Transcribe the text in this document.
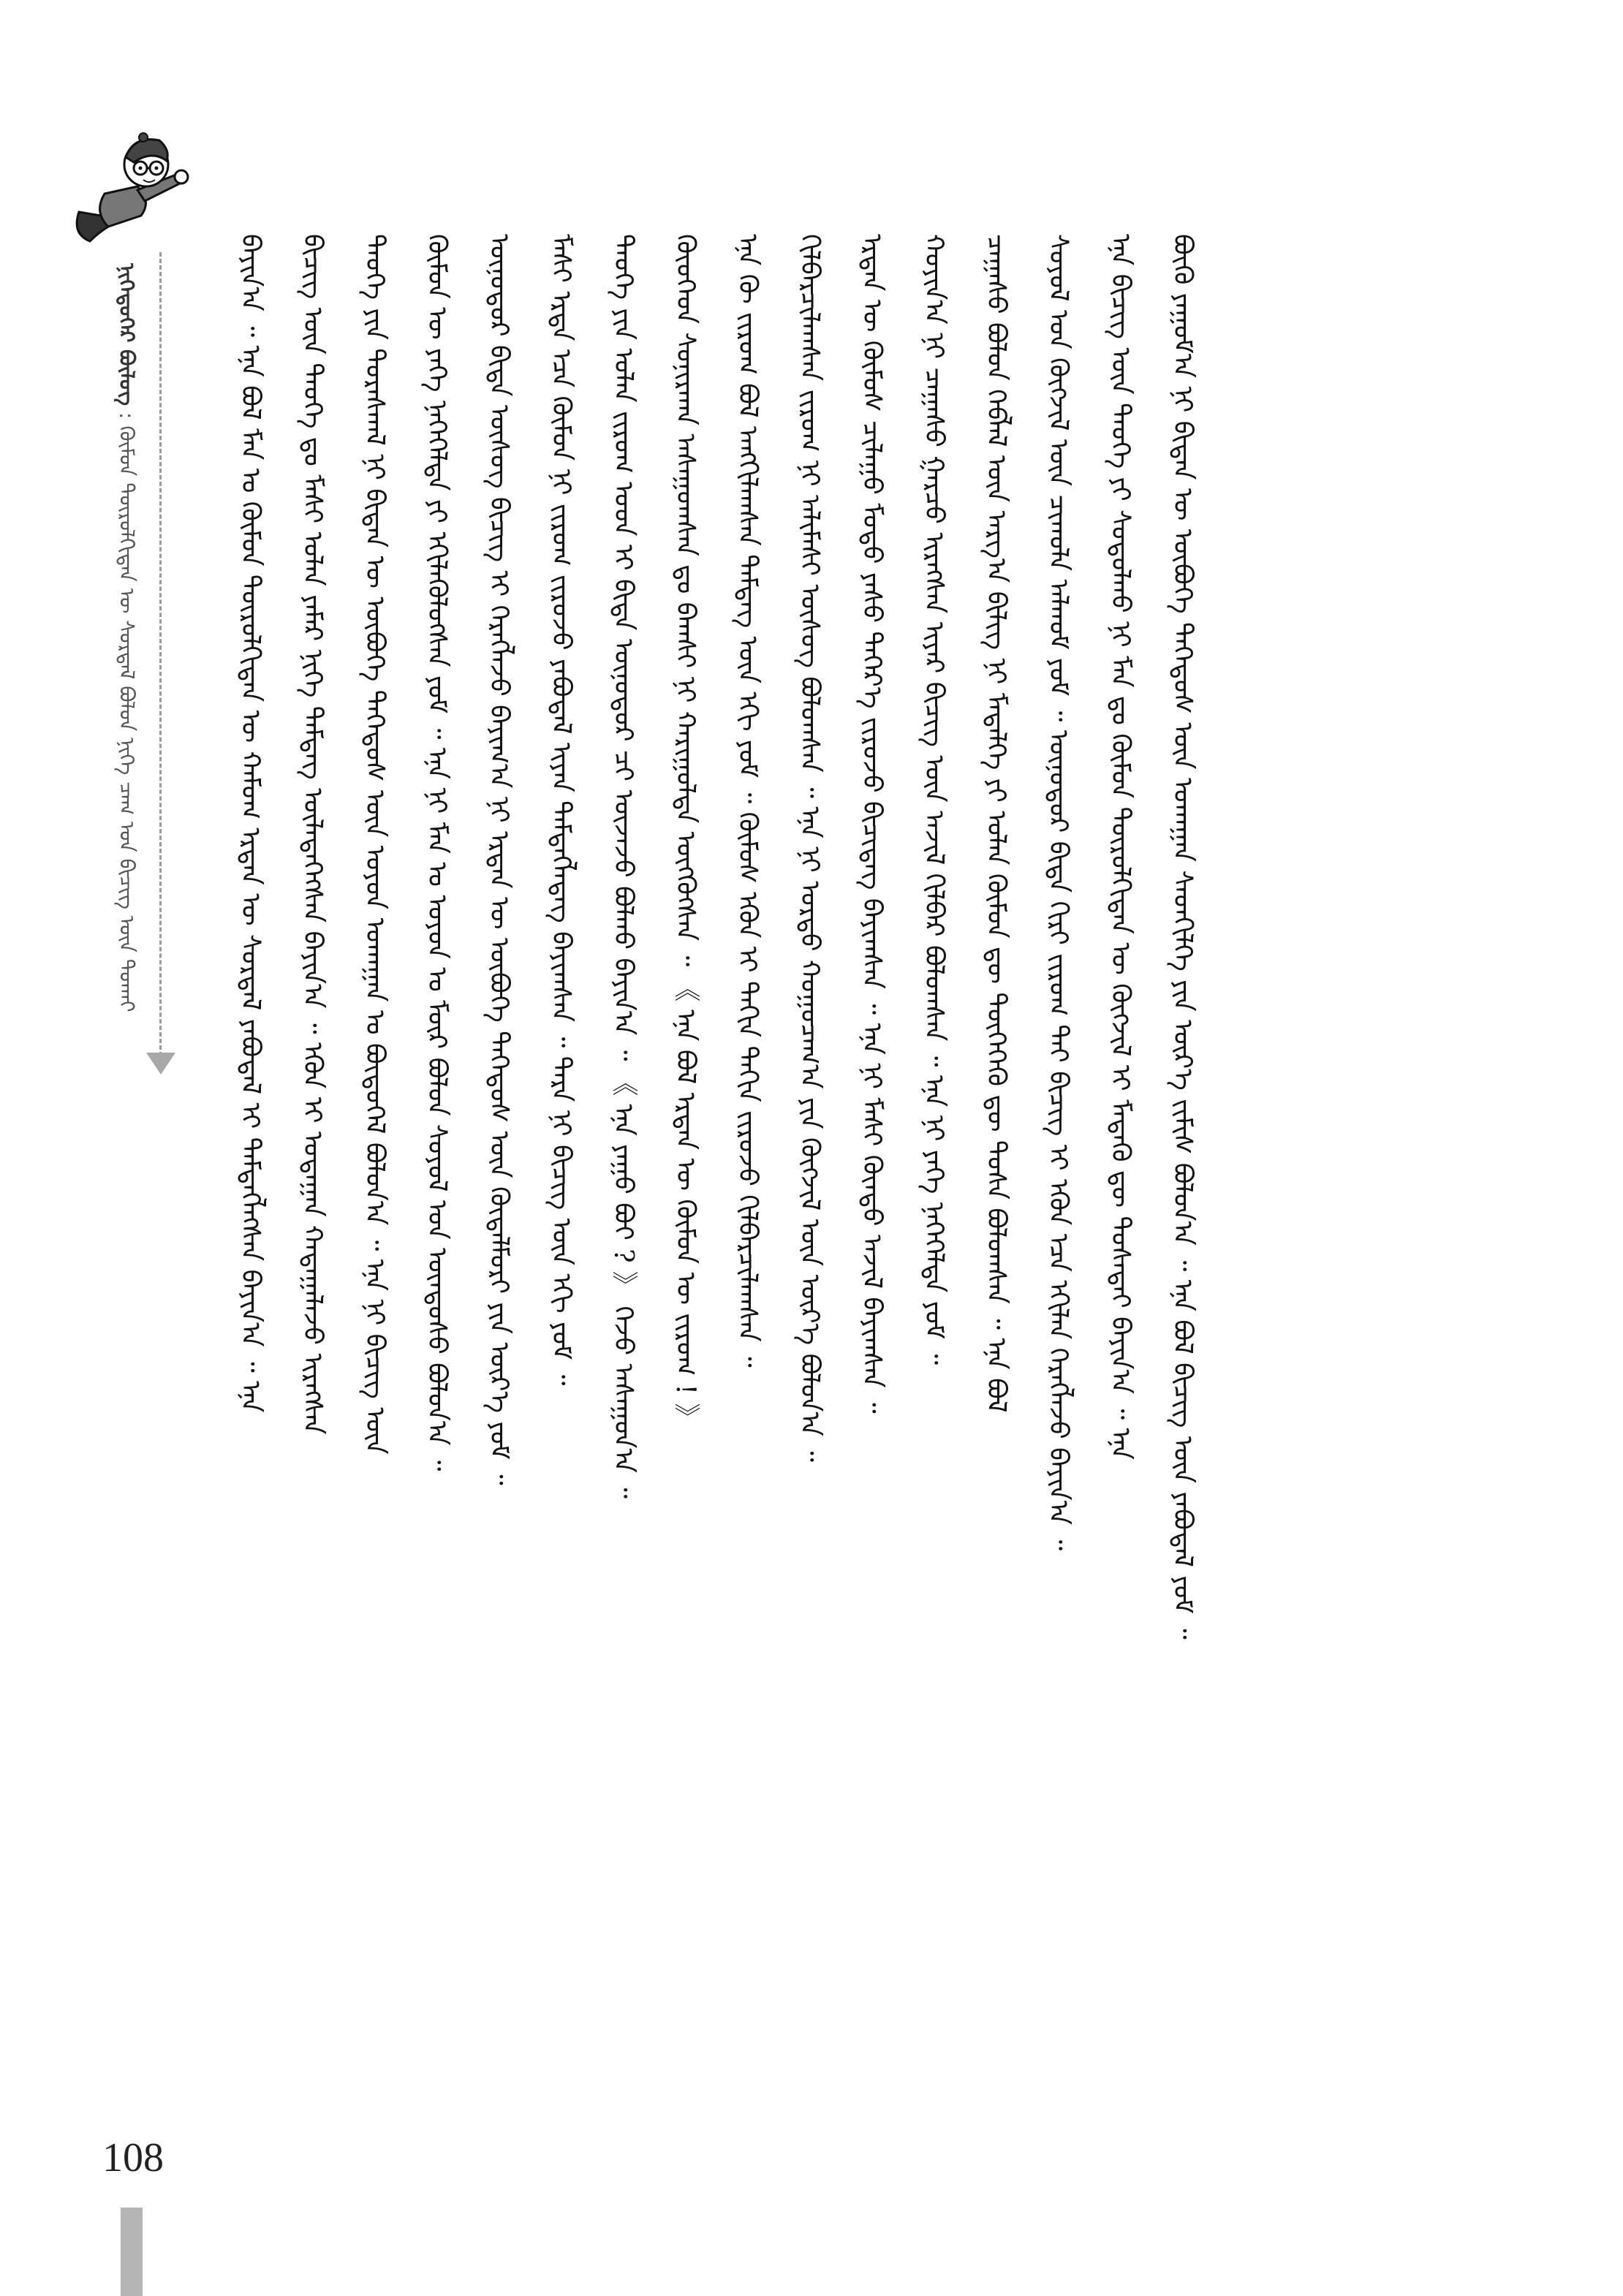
ᠨᠢᠭᠡᠳᠦᠭᠡᠷ ᠪᠦᠯᠦᠭ : ᠬᠦᠮᠦᠨ ᠲᠥᠷᠥᠯᠬᠢᠲᠡᠨ ᠦ ᠰᠤᠷᠲᠠᠯ ᠪᠤᠯᠤᠨ ᠨᠢᠭᠡ ᠴᠠᠭ ᠤᠨ ᠪᠢᠴᠢᠭ ᠦᠨ ᠲᠤᠬᠠᠢ	ᠪᠠᠶᠢᠨ᠎ᠠ ᠃ ᠡᠨᠡ ᠪᠣᠯ ᠮᠠᠨ ᠤ ᠬᠦᠮᠦᠨ ᠲᠥᠷᠥᠯᠬᠢᠲᠡᠨ ᠦ ᠬᠠᠮᠤᠭ ᠡᠷᠲᠡᠨ ᠦ ᠰᠤᠷᠲᠠᠯ ᠶᠠᠪᠤᠳᠠᠯ ᠢ ᠲᠡᠮᠳᠡᠭᠯᠡᠭᠰᠡᠨ ᠪᠠᠶᠢᠨ᠎ᠠ ᠃ ᠡᠨᠡ	ᠪᠢᠴᠢᠭ ᠦᠨ ᠲᠡᠦᠬᠡ ᠳᠤ ᠮᠠᠰᠢ ᠣᠯᠠᠨ ᠶᠠᠮᠠᠷ ᠨᠢᠭᠡ ᠲᠡᠮᠳᠡᠭ ᠦᠯᠡᠳᠡᠭᠡᠭᠰᠡᠨ ᠪᠠᠶᠢᠨ᠎ᠠ ᠃ ᠡᠭᠦᠨ ᠢ ᠤᠳᠠᠭᠠᠨ ᠬᠠᠳᠠᠭᠠᠯᠠᠵᠤ ᠢᠷᠡᠭᠰᠡᠨ	ᠲᠡᠦᠬᠡ ᠶᠢᠨ ᠳᠤᠷᠠᠰᠬᠠᠯ ᠨᠢ ᠪᠢᠳᠡᠨ ᠦ ᠥᠪᠦᠭᠡ ᠳᠡᠭᠡᠳᠦᠰ ᠦᠨ ᠣᠶᠤᠨ ᠤᠬᠠᠭᠠᠨ ᠤ ᠪᠦᠲᠦᠭᠡᠯ ᠪᠣᠯᠤᠨ᠎ᠠ ᠃ ᠡᠨᠡ ᠨᠢ ᠪᠢᠴᠢᠭ ᠦᠨ	ᠬᠦᠮᠦᠨ ᠦ ᠶᠡᠬᠡ ᠨᠡᠭᠡᠭᠡᠯᠲᠡ ᠶᠢ ᠡᠬᠢᠯᠡᠭᠦᠯᠦᠭᠰᠡᠨ ᠶᠤᠮ ᠃ ᠡᠨᠡ ᠨᠢ ᠮᠠᠨ ᠤ ᠣᠶᠤᠨ ᠤ ᠮᠥᠷ ᠪᠣᠯᠤᠨ ᠰᠣᠶᠣᠯ ᠤᠨ ᠦᠨᠳᠦᠰᠦ ᠪᠣᠯᠤᠨ᠎ᠠ ᠃	ᠥᠨᠥᠳᠦᠷ ᠪᠢᠳᠡ ᠦᠰᠦᠭ ᠪᠢᠴᠢᠭ ᠢ ᠬᠡᠷᠡᠭᠯᠡᠵᠦ ᠪᠠᠶᠢᠭ᠎ᠠ ᠨᠢ ᠡᠷᠲᠡᠨ ᠦ ᠥᠪᠦᠭᠡ ᠳᠡᠭᠡᠳᠦᠰ ᠦᠨ ᠬᠥᠳᠡᠯᠮᠦᠷᠢ ᠶᠢᠨ ᠦᠷ᠎ᠡ ᠶᠤᠮ ᠃	ᠮᠠᠰᠢ ᠡᠷᠲᠡ ᠡᠴᠡ ᠬᠦᠮᠦᠨ ᠨᠢ ᠵᠢᠷᠤᠭ ᠵᠢᠷᠤᠵᠤ ᠶᠠᠪᠤᠳᠠᠯ ᠢᠶᠠᠨ ᠲᠡᠮᠳᠡᠭᠯᠡᠳᠡᠭ ᠪᠠᠶᠢᠭᠰᠠᠨ ᠃ ᠲᠡᠷᠡ ᠨᠢ ᠪᠢᠴᠢᠭ ᠦᠨ ᠡᠬᠢ ᠶᠤᠮ ᠃	ᠲᠡᠦᠬᠡ ᠶᠢᠨ ᠣᠯᠠᠨ ᠵᠢᠷᠤᠭ ᠤᠳ ᠢ ᠪᠢᠳᠡ ᠥᠨᠥᠳᠦᠷ ᠴᠢ ᠦᠵᠡᠵᠦ ᠪᠣᠯᠬᠤ ᠪᠠᠶᠢᠨ᠎ᠠ ᠃ 《 ᠡᠨᠡ ᠶᠠᠭᠤ ᠪᠤᠢ ? 》 ᠭᠡᠵᠦ ᠠᠰᠠᠭᠤᠨ᠎ᠠ ᠃	ᠬᠦᠦᠬᠡᠳ ᠰᠣᠨᠢᠷᠬᠠᠨ ᠠᠰᠠᠭᠤᠭᠰᠠᠨ ᠳᠤ ᠪᠠᠭᠰᠢ ᠨᠢ ᠬᠠᠷᠢᠭᠤᠯᠲᠠ ᠥᠭᠭᠦᠭᠰᠡᠨ ᠃ 《 ᠡᠨᠡ ᠪᠣᠯ ᠡᠷᠲᠡᠨ ᠦ ᠬᠦᠮᠦᠨ ᠦ ᠵᠢᠷᠤᠭ ! 》	ᠡᠨᠡ ᠬᠦ ᠵᠢᠷᠤᠭ ᠪᠣᠯ ᠠᠩᠭᠢᠯᠠᠭᠰᠠᠨ ᠲᠡᠮᠳᠡᠭ ᠦᠨ ᠡᠬᠢ ᠶᠤᠮ ᠃ ᠬᠦᠮᠦᠰ ᠡᠭᠦᠨ ᠢ ᠳᠠᠬᠢᠨ ᠳᠠᠬᠢᠨ ᠵᠢᠷᠤᠵᠤ ᠬᠢᠯᠪᠠᠷᠴᠢᠯᠠᠭᠰᠠᠨ ᠃	ᠬᠢᠯᠪᠠᠷᠴᠢᠯᠠᠭᠰᠠᠨ ᠵᠢᠷᠤᠭ ᠨᠢ ᠠᠯᠢᠮᠠᠰᠢ ᠦᠰᠦᠭ ᠪᠣᠯᠤᠭᠰᠠᠨ ᠃ ᠡᠨᠡ ᠨᠢ ᠤᠷᠲᠤ ᠬᠤᠭᠤᠴᠠᠭ᠎ᠠ ᠶᠢᠨ ᠬᠥᠭᠵᠢᠯ ᠦᠨ ᠦᠷ᠎ᠡ ᠪᠣᠯᠤᠨ᠎ᠠ ᠃	ᠡᠷᠲᠡᠨ ᠦ ᠬᠦᠮᠦᠰ ᠴᠢᠯᠠᠭᠤ ᠮᠣᠳᠣ ᠶᠠᠰᠤ ᠳᠡᠭᠡᠷ᠎ᠡ ᠵᠢᠷᠤᠵᠤ ᠪᠢᠴᠢᠳᠡᠭ ᠪᠠᠶᠢᠭᠰᠠᠨ ᠃ ᠡᠨᠡ ᠨᠢ ᠮᠠᠰᠢ ᠬᠦᠨᠳᠦ ᠠᠵᠢᠯ ᠪᠠᠶᠢᠭᠰᠠᠨ ᠃	ᠬᠣᠶᠢᠨ᠎ᠠ ᠨᠢ ᠴᠠᠭᠠᠰᠤ ᠭᠠᠷᠴᠤ ᠢᠷᠡᠭᠰᠡᠨ ᠢᠶᠡᠷ ᠪᠢᠴᠢᠭ ᠦᠨ ᠠᠵᠢᠯ ᠬᠢᠯᠪᠠᠷ ᠪᠣᠯᠤᠭᠰᠠᠨ ᠃ ᠡᠨᠡ ᠨᠢ ᠶᠡᠬᠡ ᠨᠡᠭᠡᠭᠡᠯᠲᠡ ᠶᠤᠮ ᠃	ᠴᠠᠭᠠᠰᠤ ᠪᠣᠯᠤᠨ ᠬᠡᠪᠯᠡᠯ ᠦᠨ ᠠᠷᠭ᠎ᠠ ᠪᠢᠯᠢᠭ ᠨᠢ ᠮᠡᠳᠡᠯᠭᠡ ᠶᠢ ᠣᠯᠠᠨ ᠬᠦᠮᠦᠨ ᠳᠦ ᠲᠦᠭᠡᠭᠡᠬᠦ ᠳᠦ ᠲᠤᠰᠠ ᠪᠣᠯᠤᠭᠰᠠᠨ ᠃ ᠡᠨᠡ ᠪᠣᠯ	ᠰᠣᠶᠣᠯ ᠤᠨ ᠬᠥᠭᠵᠢᠯ ᠦᠨ ᠴᠢᠬᠤᠯᠠ ᠠᠯᠬᠤᠮ ᠶᠤᠮ ᠃ ᠥᠨᠥᠳᠦᠷ ᠪᠢᠳᠡ ᠬᠢᠷᠢ ᠵᠢᠷᠤᠭ ᠲᠠᠢ ᠪᠢᠴᠢᠭ ᠢ ᠡᠭᠦᠨ ᠡᠴᠡ ᠡᠬᠢᠯᠡᠨ ᠬᠡᠷᠡᠭᠯᠡᠵᠦ ᠪᠠᠶᠢᠨ᠎ᠠ ᠃	ᠡᠨᠡ ᠪᠢᠴᠢᠭ ᠦᠨ ᠲᠡᠦᠬᠡ ᠶᠢ ᠰᠤᠳᠤᠯᠬᠤ ᠨᠢ ᠮᠠᠨ ᠳᠤ ᠬᠦᠮᠦᠨ ᠲᠥᠷᠥᠯᠬᠢᠲᠡᠨ ᠦ ᠬᠥᠭᠵᠢᠯ ᠢ ᠮᠡᠳᠡᠬᠦ ᠳᠦ ᠲᠤᠰᠠᠲᠠᠢ ᠪᠠᠶᠢᠨ᠎ᠠ ᠃ ᠡᠨᠡ	ᠪᠦᠬᠦ ᠶᠠᠭᠤᠮ᠎ᠠ ᠨᠢ ᠪᠢᠳᠡᠨ ᠦ ᠥᠪᠦᠭᠡ ᠳᠡᠭᠡᠳᠦᠰ ᠦᠨ ᠤᠬᠠᠭᠠᠨ ᠰᠡᠳᠬᠢᠯᠭᠡ ᠶᠢᠨ ᠦᠷ᠎ᠡ ᠵᠢᠮᠢᠰ ᠪᠣᠯᠤᠨ᠎ᠠ ᠃ ᠡᠨᠡ ᠪᠣᠯ ᠪᠢᠴᠢᠭ ᠦᠨ ᠶᠠᠪᠤᠳᠠᠯ ᠶᠤᠮ ᠃
108
